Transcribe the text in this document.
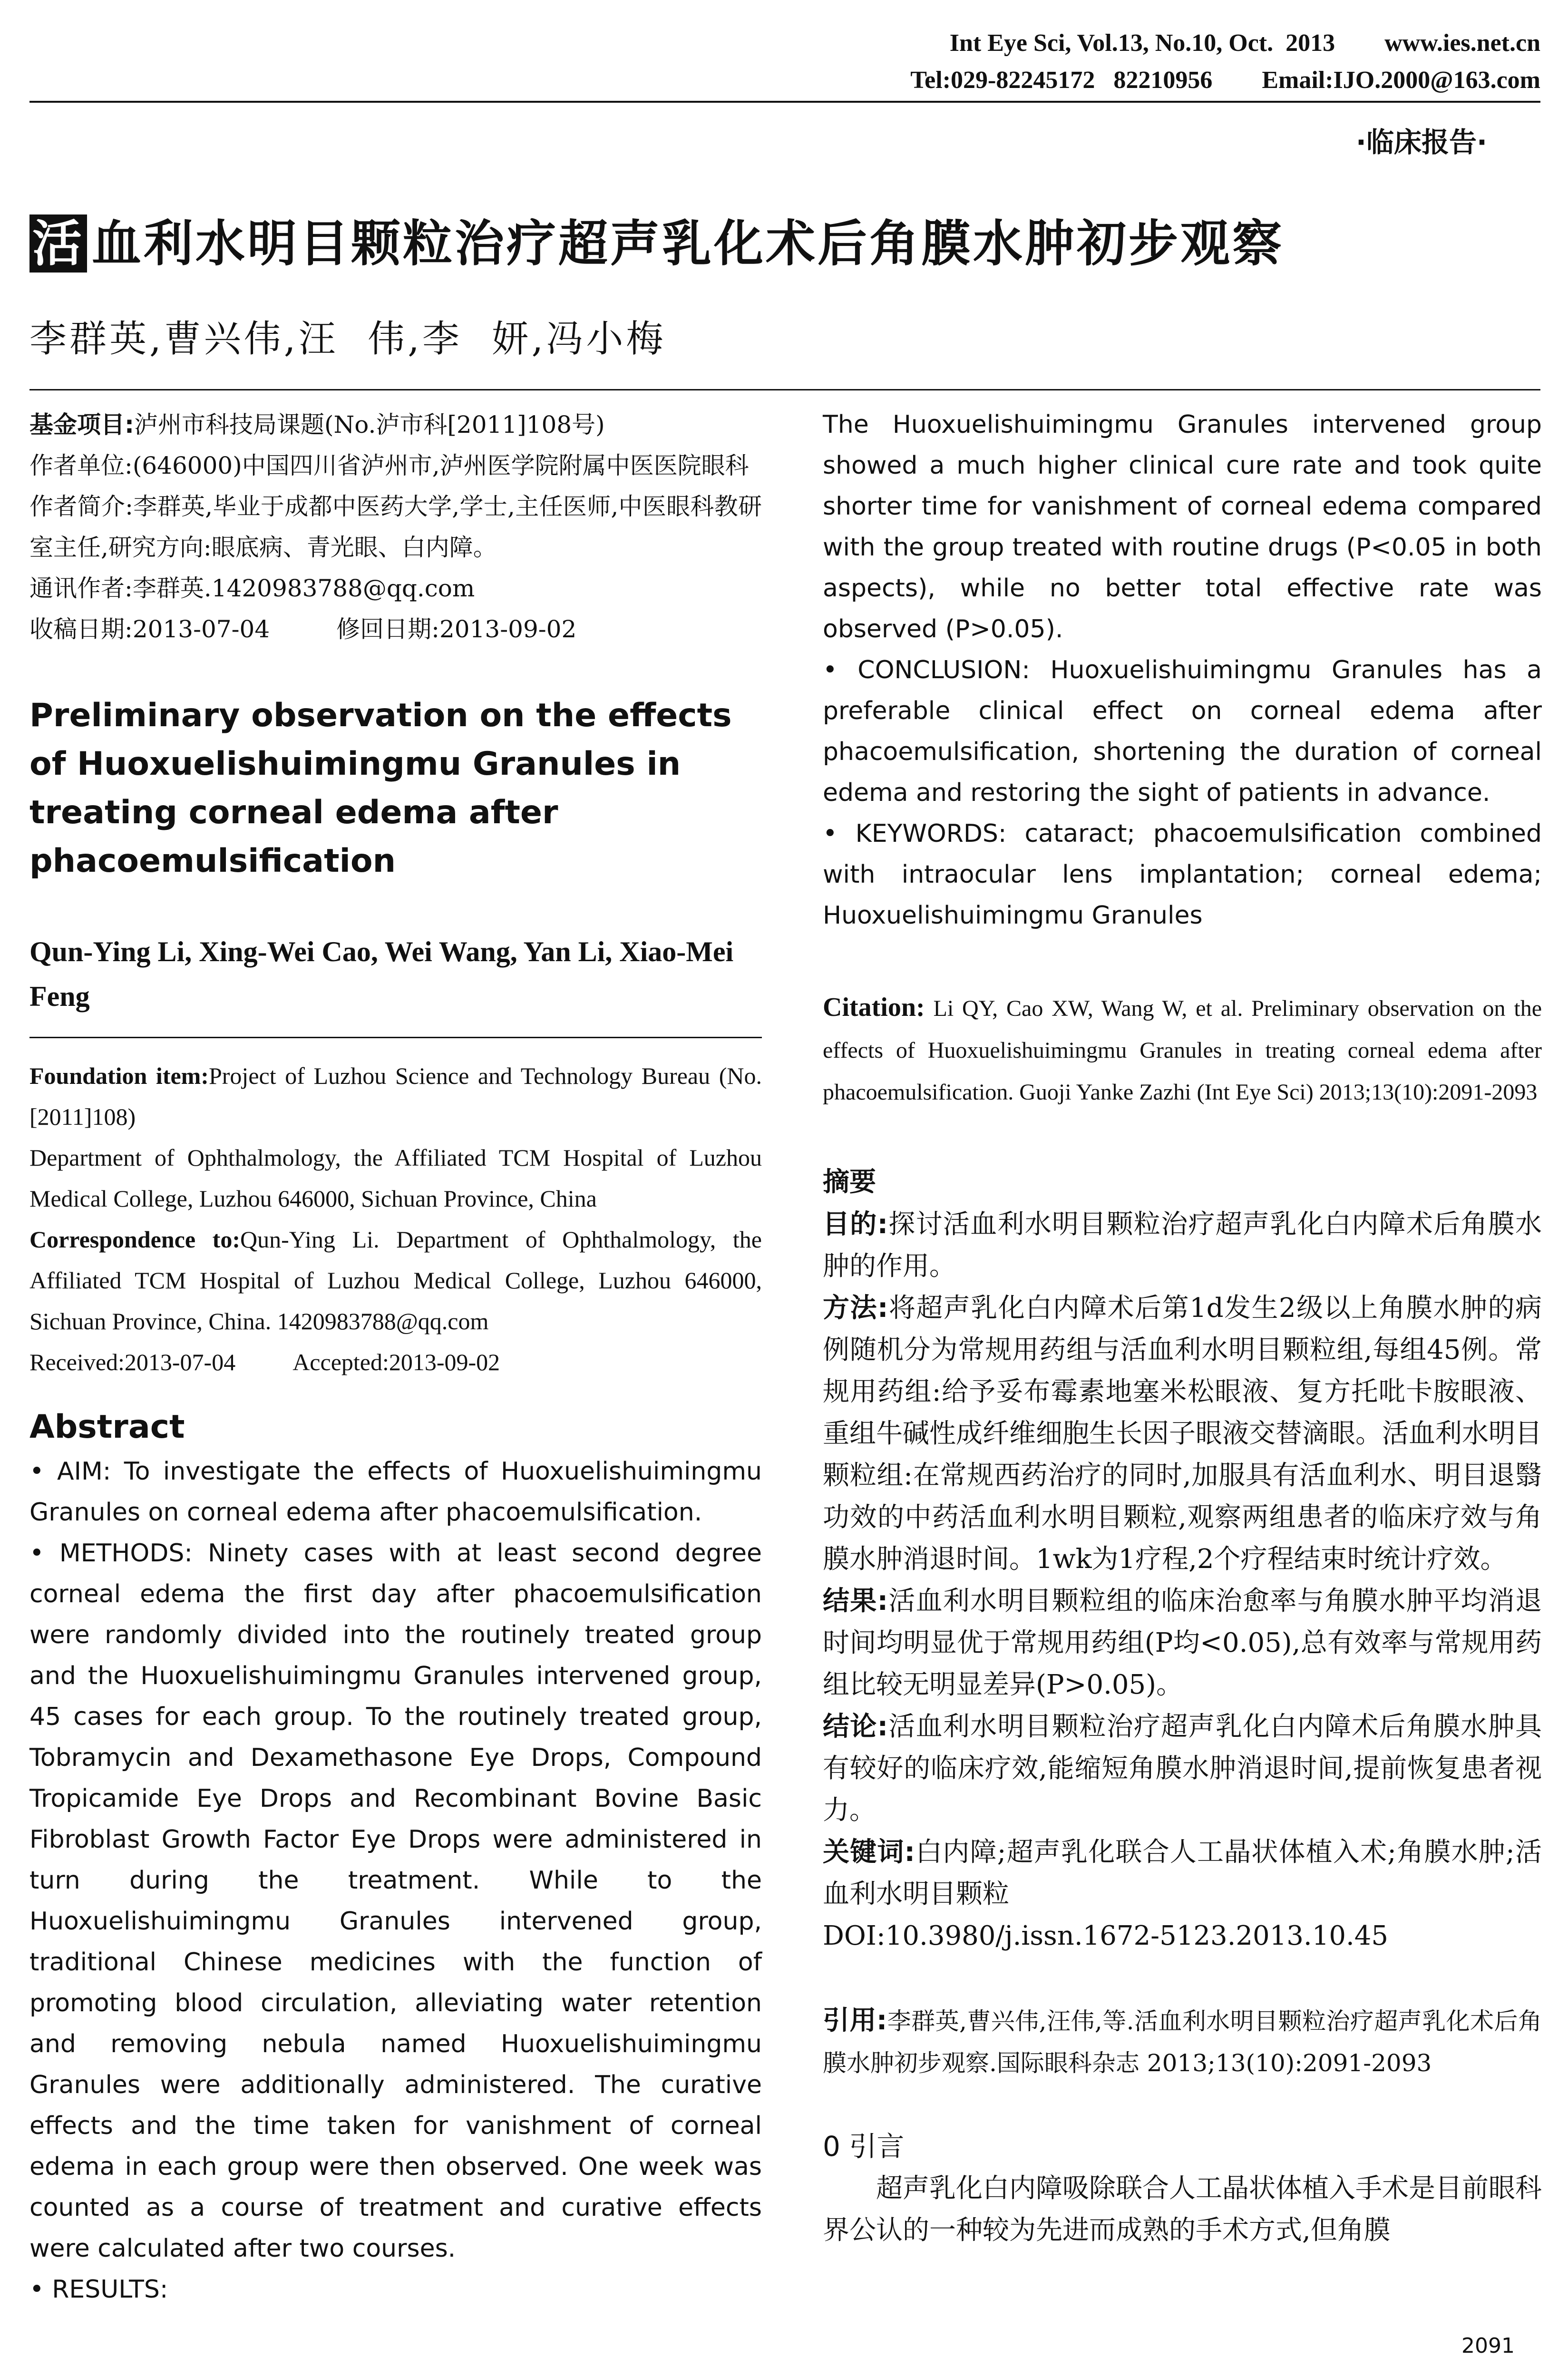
Int Eye Sci, Vol.13, No.10, Oct.  2013        www.ies.net.cn
Tel:029-82245172   82210956        Email:IJO.2000@163.com
·临床报告·
活 血利水明目颗粒治疗超声乳化术后角膜水肿初步观察
李群英,曹兴伟,汪  伟,李  妍,冯小梅

基金项目:泸州市科技局课题(No.泸市科[2011]108号)

作者单位:(646000)中国四川省泸州市,泸州医学院附属中医医院眼科

作者简介:李群英,毕业于成都中医药大学,学士,主任医师,中医眼科教研室主任,研究方向:眼底病、青光眼、白内障。

通讯作者:李群英.1420983788@qq.com

收稿日期:2013-07-04	修回日期:2013-09-02

Preliminary observation on the effects of Huoxuelishuimingmu Granules in treating corneal edema after phacoemulsification
Qun-Ying Li, Xing-Wei Cao, Wei Wang, Yan Li, Xiao-Mei Feng

Foundation item:Project of Luzhou Science and Technology Bureau (No.[2011]108)

Department of Ophthalmology, the Affiliated TCM Hospital of Luzhou Medical College, Luzhou 646000, Sichuan Province, China

Correspondence to:Qun-Ying Li. Department of Ophthalmology, the Affiliated TCM Hospital of Luzhou Medical College, Luzhou 646000, Sichuan Province, China. 1420983788@qq.com

Received:2013-07-04 Accepted:2013-09-02

Abstract

• AIM: To investigate the effects of Huoxuelishuimingmu Granules on corneal edema after phacoemulsification.

• METHODS: Ninety cases with at least second degree corneal edema the first day after phacoemulsification were randomly divided into the routinely treated group and the Huoxuelishuimingmu Granules intervened group, 45 cases for each group. To the routinely treated group, Tobramycin and Dexamethasone Eye Drops, Compound Tropicamide Eye Drops and Recombinant Bovine Basic Fibroblast Growth Factor Eye Drops were administered in turn during the treatment. While to the Huoxuelishuimingmu Granules intervened group, traditional Chinese medicines with the function of promoting blood circulation, alleviating water retention and removing nebula named Huoxuelishuimingmu Granules were additionally administered. The curative effects and the time taken for vanishment of corneal edema in each group were then observed. One week was counted as a course of treatment and curative effects were calculated after two courses.

• RESULTS:

The Huoxuelishuimingmu Granules intervened group showed a much higher clinical cure rate and took quite shorter time for vanishment of corneal edema compared with the group treated with routine drugs (P<0.05 in both aspects), while no better total effective rate was observed (P>0.05).

• CONCLUSION: Huoxuelishuimingmu Granules has a preferable clinical effect on corneal edema after phacoemulsification, shortening the duration of corneal edema and restoring the sight of patients in advance.

• KEYWORDS: cataract; phacoemulsification combined with intraocular lens implantation; corneal edema; Huoxuelishuimingmu Granules

Citation: Li QY, Cao XW, Wang W, et al. Preliminary observation on the effects of Huoxuelishuimingmu Granules in treating corneal edema after phacoemulsification. Guoji Yanke Zazhi (Int Eye Sci) 2013;13(10):2091-2093

摘要

目的:探讨活血利水明目颗粒治疗超声乳化白内障术后角膜水肿的作用。

方法:将超声乳化白内障术后第1d发生2级以上角膜水肿的病例随机分为常规用药组与活血利水明目颗粒组,每组45例。常规用药组:给予妥布霉素地塞米松眼液、复方托吡卡胺眼液、重组牛碱性成纤维细胞生长因子眼液交替滴眼。活血利水明目颗粒组:在常规西药治疗的同时,加服具有活血利水、明目退翳功效的中药活血利水明目颗粒,观察两组患者的临床疗效与角膜水肿消退时间。1wk为1疗程,2个疗程结束时统计疗效。

结果:活血利水明目颗粒组的临床治愈率与角膜水肿平均消退时间均明显优于常规用药组(P均<0.05),总有效率与常规用药组比较无明显差异(P>0.05)。

结论:活血利水明目颗粒治疗超声乳化白内障术后角膜水肿具有较好的临床疗效,能缩短角膜水肿消退时间,提前恢复患者视力。

关键词:白内障;超声乳化联合人工晶状体植入术;角膜水肿;活血利水明目颗粒

DOI:10.3980/j.issn.1672-5123.2013.10.45

引用:李群英,曹兴伟,汪伟,等.活血利水明目颗粒治疗超声乳化术后角膜水肿初步观察.国际眼科杂志 2013;13(10):2091-2093

0 引言

超声乳化白内障吸除联合人工晶状体植入手术是目前眼科界公认的一种较为先进而成熟的手术方式,但角膜

2091
